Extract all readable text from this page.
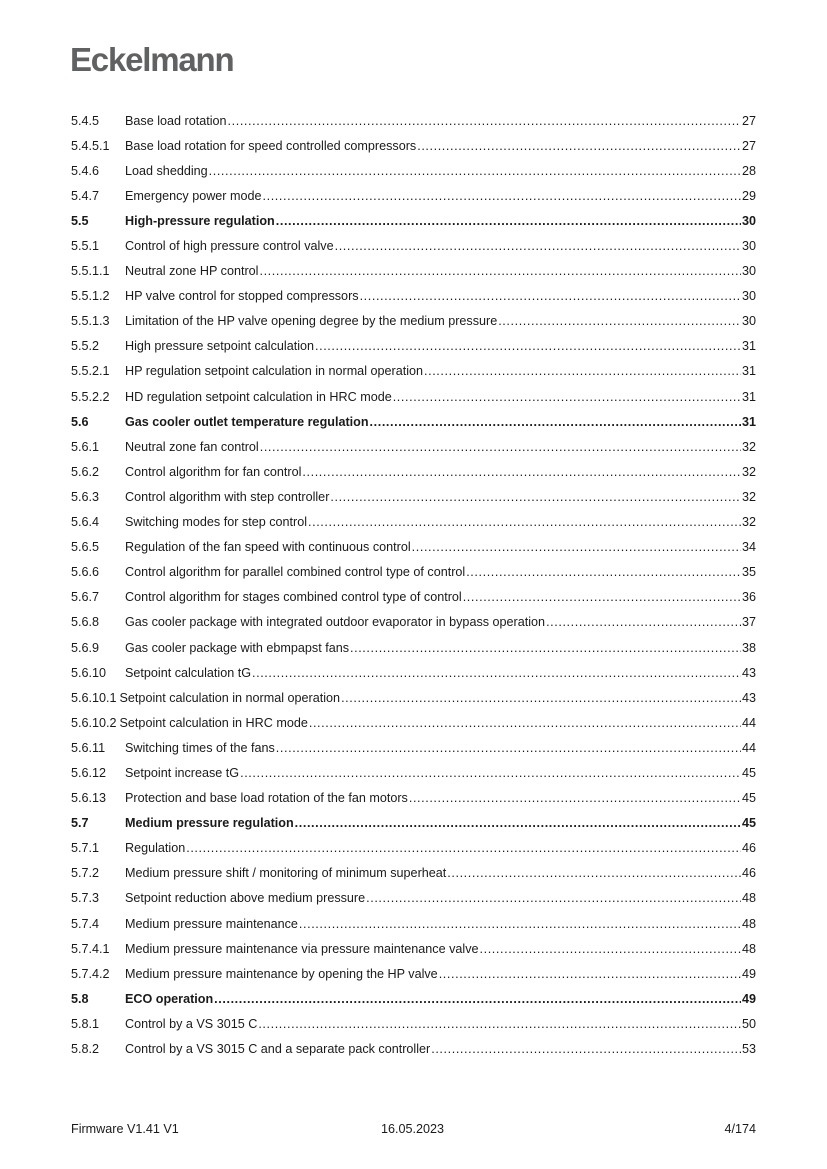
Eckelmann
5.4.5	Base load rotation .....	27
5.4.5.1	Base load rotation for speed controlled compressors .....	27
5.4.6	Load shedding .....	28
5.4.7	Emergency power mode .....	29
5.5	High-pressure regulation .....	30
5.5.1	Control of high pressure control valve .....	30
5.5.1.1	Neutral zone HP control .....	30
5.5.1.2	HP valve control for stopped compressors .....	30
5.5.1.3	Limitation of the HP valve opening degree by the medium pressure .....	30
5.5.2	High pressure setpoint calculation .....	31
5.5.2.1	HP regulation setpoint calculation in normal operation .....	31
5.5.2.2	HD regulation setpoint calculation in HRC mode .....	31
5.6	Gas cooler outlet temperature regulation .....	31
5.6.1	Neutral zone fan control .....	32
5.6.2	Control algorithm for fan control .....	32
5.6.3	Control algorithm with step controller .....	32
5.6.4	Switching modes for step control .....	32
5.6.5	Regulation of the fan speed with continuous control .....	34
5.6.6	Control algorithm for parallel combined control type of control .....	35
5.6.7	Control algorithm for stages combined control type of control .....	36
5.6.8	Gas cooler package with integrated outdoor evaporator in bypass operation .....	37
5.6.9	Gas cooler package with ebmpapst fans .....	38
5.6.10	Setpoint calculation tG .....	43
5.6.10.1 Setpoint calculation in normal operation .....	43
5.6.10.2 Setpoint calculation in HRC mode .....	44
5.6.11	Switching times of the fans .....	44
5.6.12	Setpoint increase tG .....	45
5.6.13	Protection and base load rotation of the fan motors .....	45
5.7	Medium pressure regulation .....	45
5.7.1	Regulation .....	46
5.7.2	Medium pressure shift / monitoring of minimum superheat .....	46
5.7.3	Setpoint reduction above medium pressure .....	48
5.7.4	Medium pressure maintenance .....	48
5.7.4.1	Medium pressure maintenance via pressure maintenance valve .....	48
5.7.4.2	Medium pressure maintenance by opening the HP valve .....	49
5.8	ECO operation .....	49
5.8.1	Control by a VS 3015 C .....	50
5.8.2	Control by a VS 3015 C and a separate pack controller .....	53
Firmware V1.41 V1	16.05.2023	4/174
